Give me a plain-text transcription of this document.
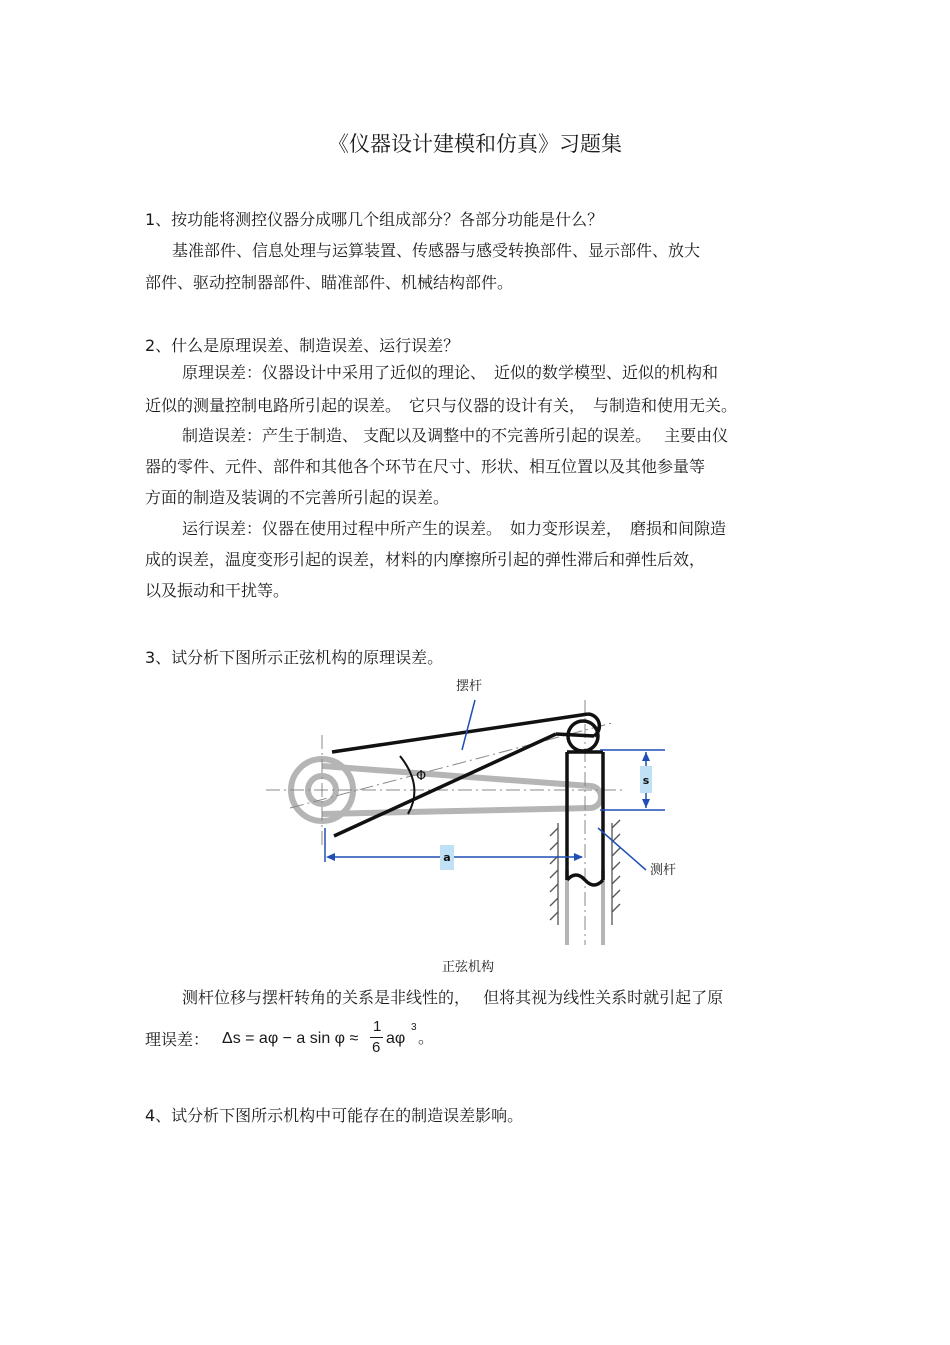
《仪器设计建模和仿真》习题集
1、按功能将测控仪器分成哪几个组成部分？各部分功能是什么？
基准部件、信息处理与运算装置、传感器与感受转换部件、显示部件、放大
部件、驱动控制器部件、瞄准部件、机械结构部件。
2、什么是原理误差、制造误差、运行误差？
原理误差：仪器设计中采用了近似的理论、　近似的数学模型、近似的机构和
近似的测量控制电路所引起的误差。　它只与仪器的设计有关，　与制造和使用无关。
制造误差：产生于制造、 支配以及调整中的不完善所引起的误差。　 主要由仪
器的零件、元件、部件和其他各个环节在尺寸、形状、相互位置以及其他参量等
方面的制造及装调的不完善所引起的误差。
运行误差：仪器在使用过程中所产生的误差。　如力变形误差，　磨损和间隙造
成的误差，温度变形引起的误差，材料的内摩擦所引起的弹性滞后和弹性后效，
以及振动和干扰等。
3、试分析下图所示正弦机构的原理误差。
Φ	s
a
摆杆
测杆
正弦机构
测杆位移与摆杆转角的关系是非线性的，　 但将其视为线性关系时就引起了原
理误差： Δs = aφ − a sin φ ≈
1
6
aφ
3
。
4、试分析下图所示机构中可能存在的制造误差影响。
